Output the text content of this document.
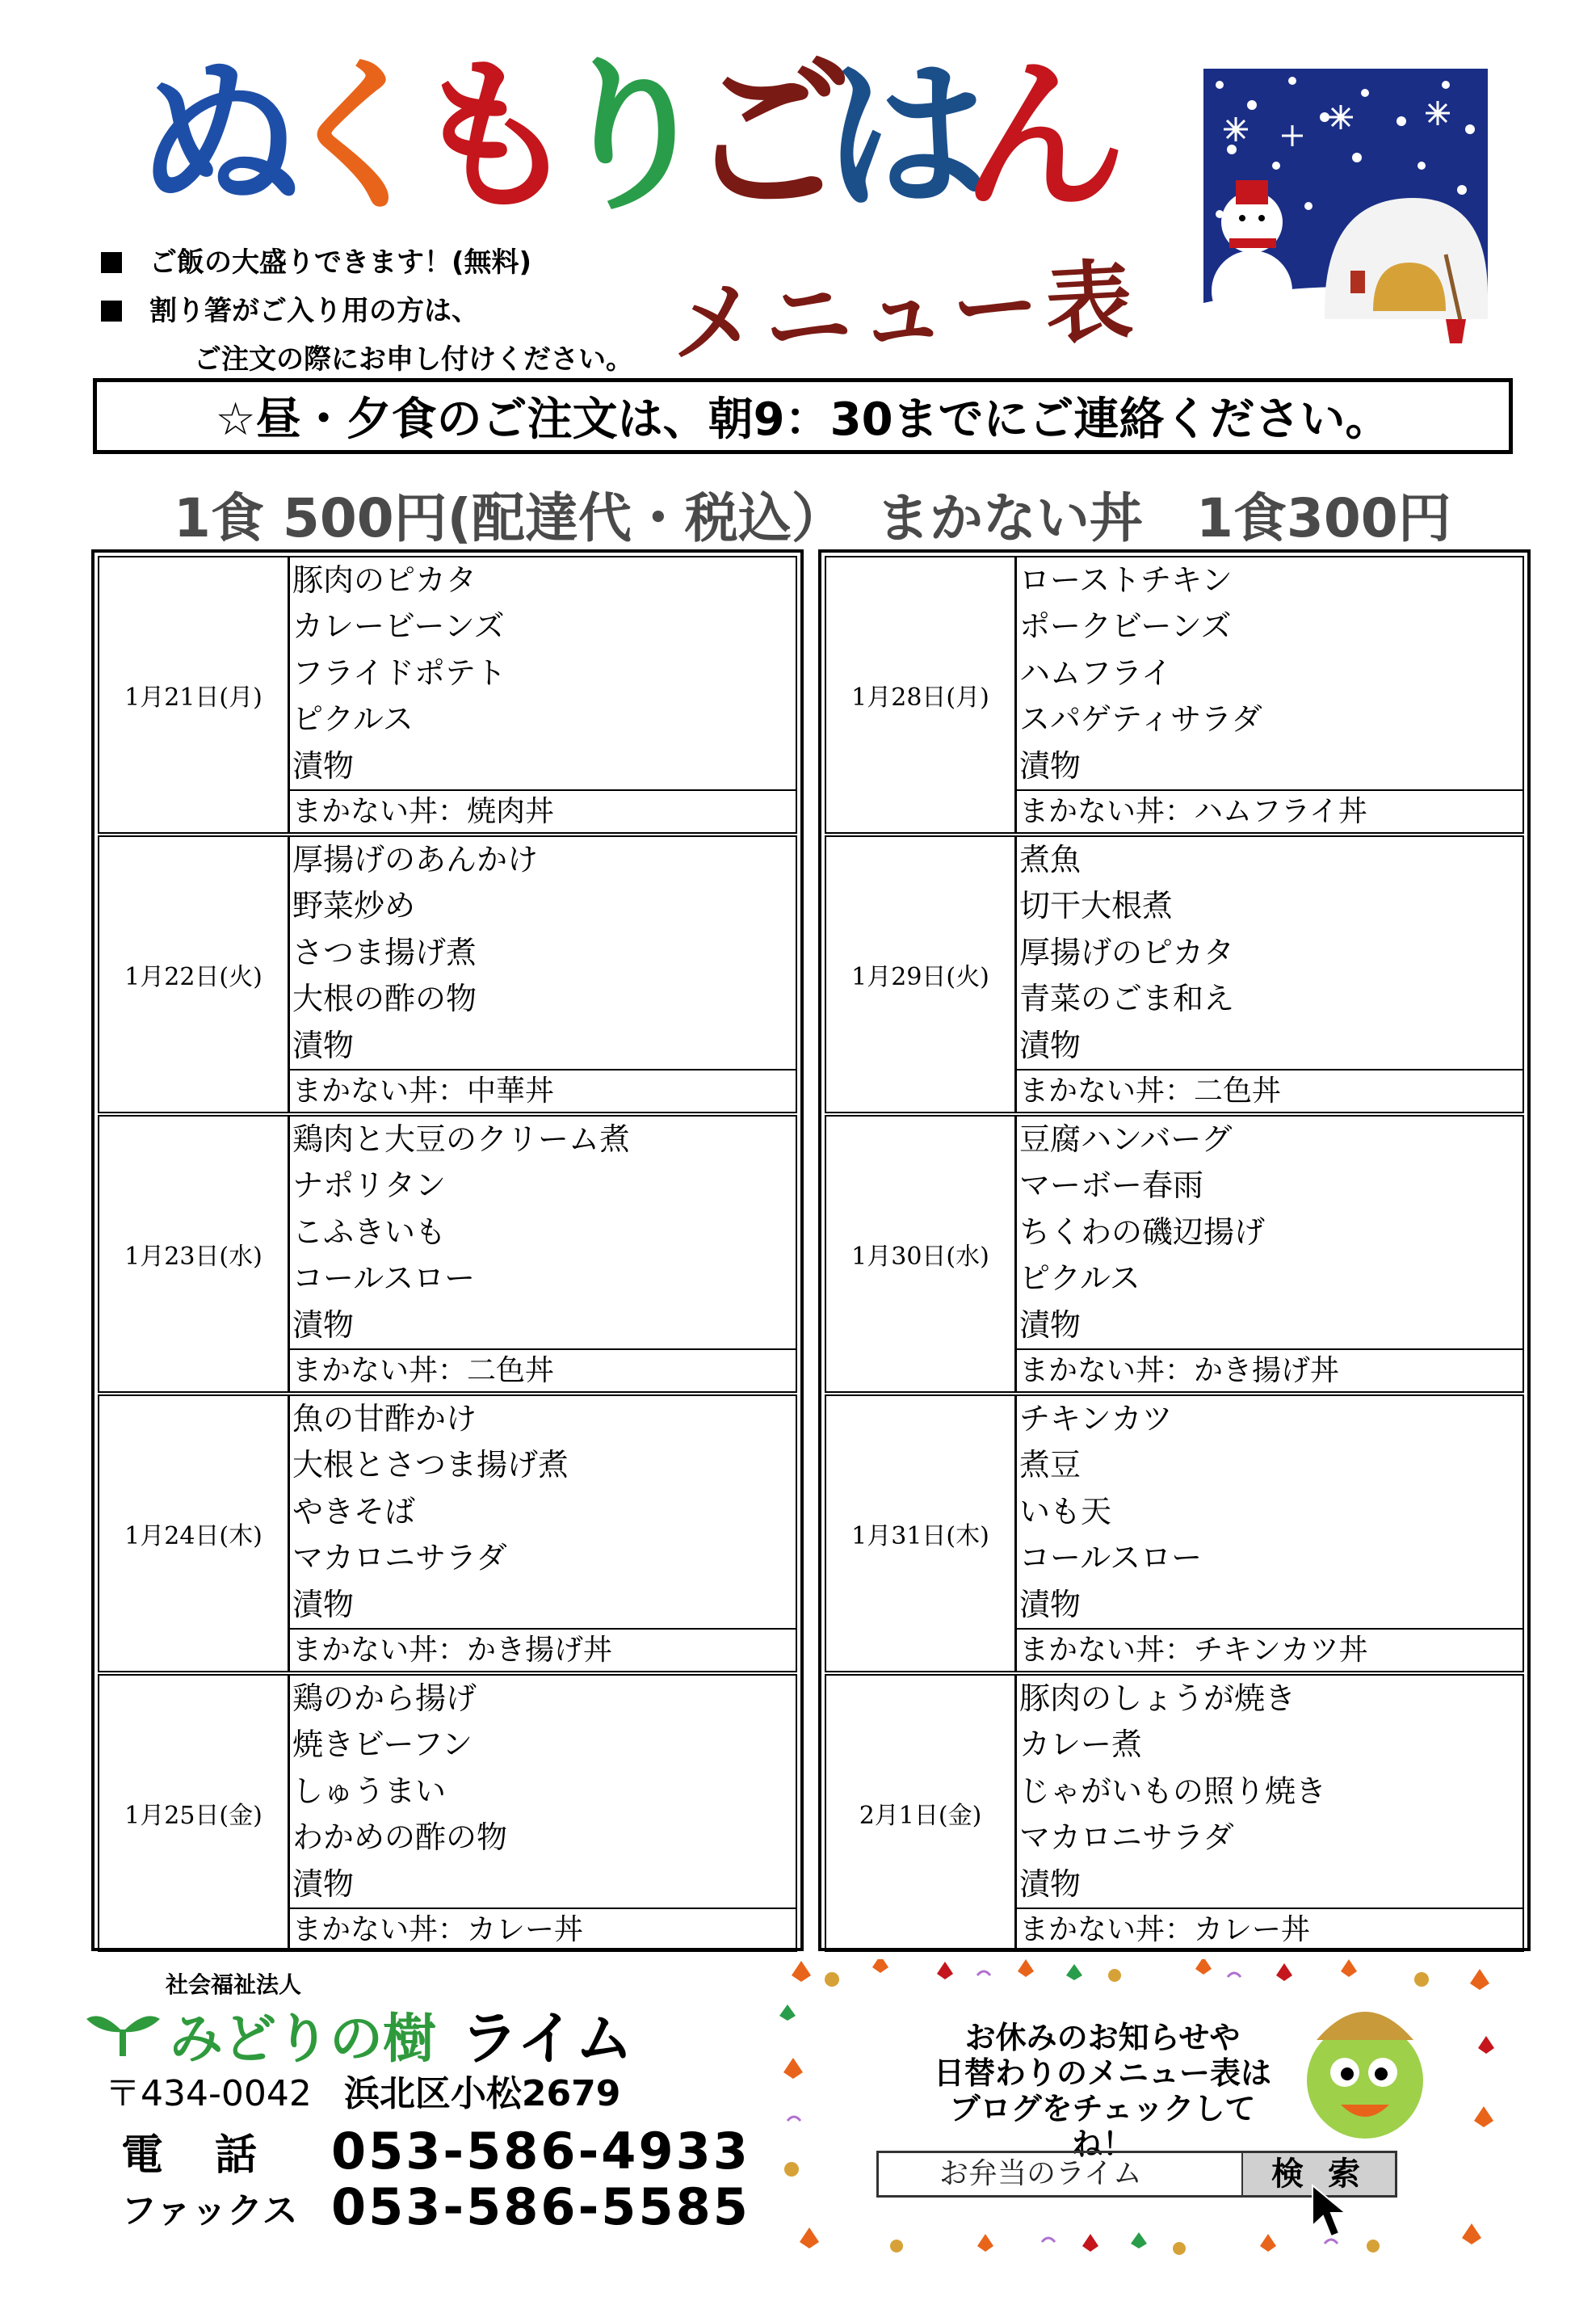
ぬ
く
も
り
ご
は
ん
メニュー表
ご飯の大盛りできます！(無料)
割り箸がご入り用の方は、
ご注文の際にお申し付けください。
☆昼・夕食のご注文は、朝9：30までにご連絡ください。
1食 500円(配達代・税込） まかない丼　1食300円
1月21日(月)
豚肉のピカタ
カレービーンズ
フライドポテト
ピクルス
漬物
まかない丼：焼肉丼
1月22日(火)
厚揚げのあんかけ
野菜炒め
さつま揚げ煮
大根の酢の物
漬物
まかない丼：中華丼
1月23日(水)
鶏肉と大豆のクリーム煮
ナポリタン
こふきいも
コールスロー
漬物
まかない丼：二色丼
1月24日(木)
魚の甘酢かけ
大根とさつま揚げ煮
やきそば
マカロニサラダ
漬物
まかない丼：かき揚げ丼
1月25日(金)
鶏のから揚げ
焼きビーフン
しゅうまい
わかめの酢の物
漬物
まかない丼：カレー丼
1月28日(月)
ローストチキン
ポークビーンズ
ハムフライ
スパゲティサラダ
漬物
まかない丼：ハムフライ丼
1月29日(火)
煮魚
切干大根煮
厚揚げのピカタ
青菜のごま和え
漬物
まかない丼：二色丼
1月30日(水)
豆腐ハンバーグ
マーボー春雨
ちくわの磯辺揚げ
ピクルス
漬物
まかない丼：かき揚げ丼
1月31日(木)
チキンカツ
煮豆
いも天
コールスロー
漬物
まかない丼：チキンカツ丼
2月1日(金)
豚肉のしょうが焼き
カレー煮
じゃがいもの照り焼き
マカロニサラダ
漬物
まかない丼：カレー丼
社会福祉法人
みどりの樹 ライム
〒434-0042 浜北区小松2679
電　話	053-586-4933
ファックス 053-586-5585
お休みのお知らせや
日替わりのメニュー表は
ブログをチェックしてね！
お弁当のライム	検 索
